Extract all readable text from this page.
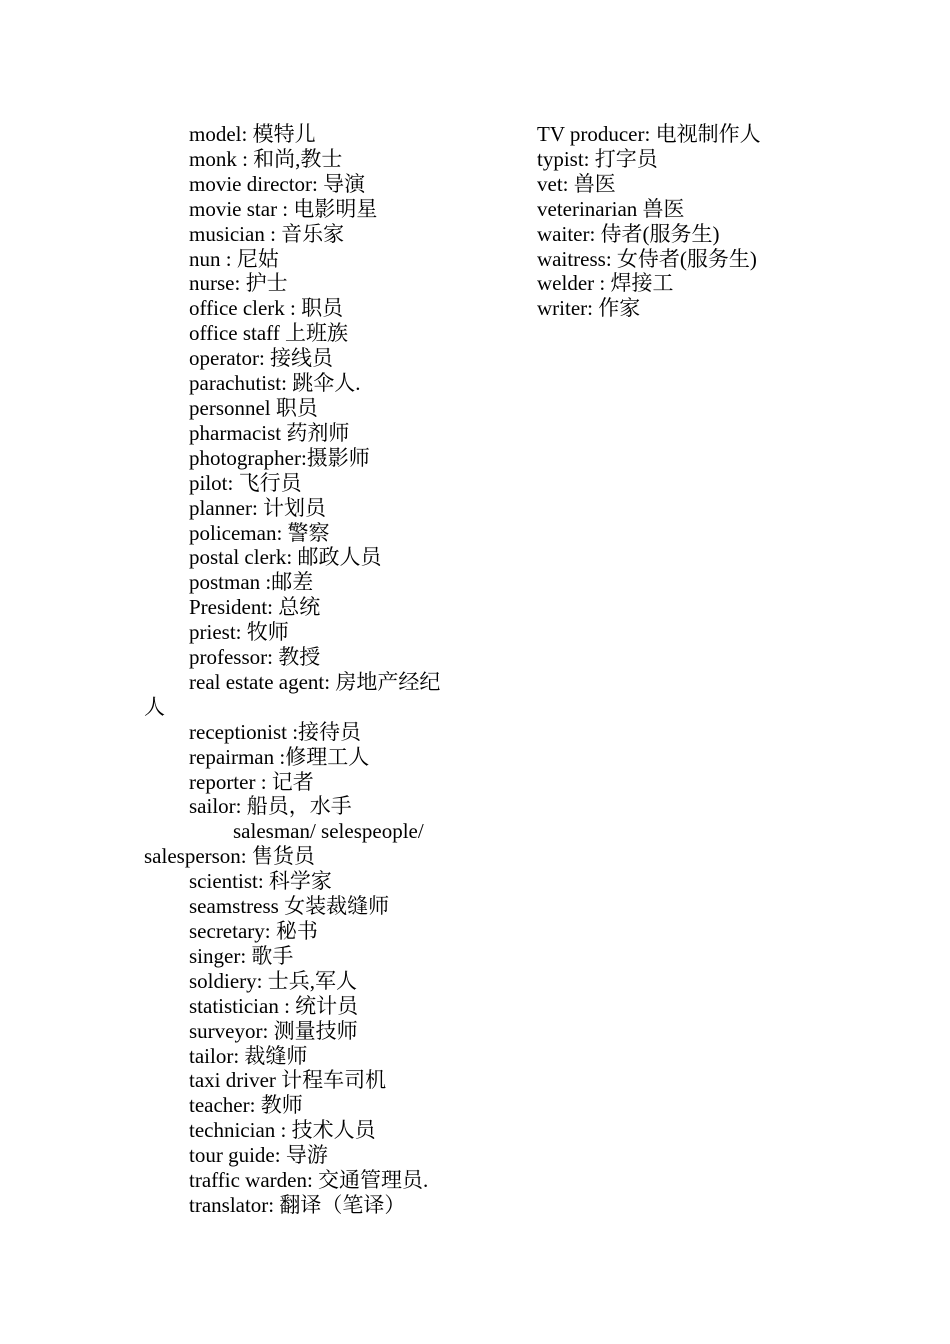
model: 模特儿
monk : 和尚,教士
movie director: 导演
movie star : 电影明星
musician : 音乐家
nun : 尼姑
nurse: 护士
office clerk : 职员
office staff 上班族
operator: 接线员
parachutist: 跳伞人.
personnel 职员
pharmacist 药剂师
photographer:摄影师
pilot: 飞行员
planner: 计划员
policeman: 警察
postal clerk: 邮政人员
postman :邮差
President: 总统
priest: 牧师
professor: 教授
real estate agent: 房地产经纪
人
receptionist :接待员
repairman :修理工人
reporter : 记者
sailor: 船员，水手
salesman/ selespeople/
salesperson: 售货员
scientist: 科学家
seamstress 女装裁缝师
secretary: 秘书
singer: 歌手
soldiery: 士兵,军人
statistician : 统计员
surveyor: 测量技师
tailor: 裁缝师
taxi driver 计程车司机
teacher: 教师
technician : 技术人员
tour guide: 导游
traffic warden: 交通管理员.
translator: 翻译（笔译）
TV producer: 电视制作人
typist: 打字员
vet: 兽医
veterinarian 兽医
waiter: 侍者(服务生)
waitress: 女侍者(服务生)
welder : 焊接工
writer: 作家
